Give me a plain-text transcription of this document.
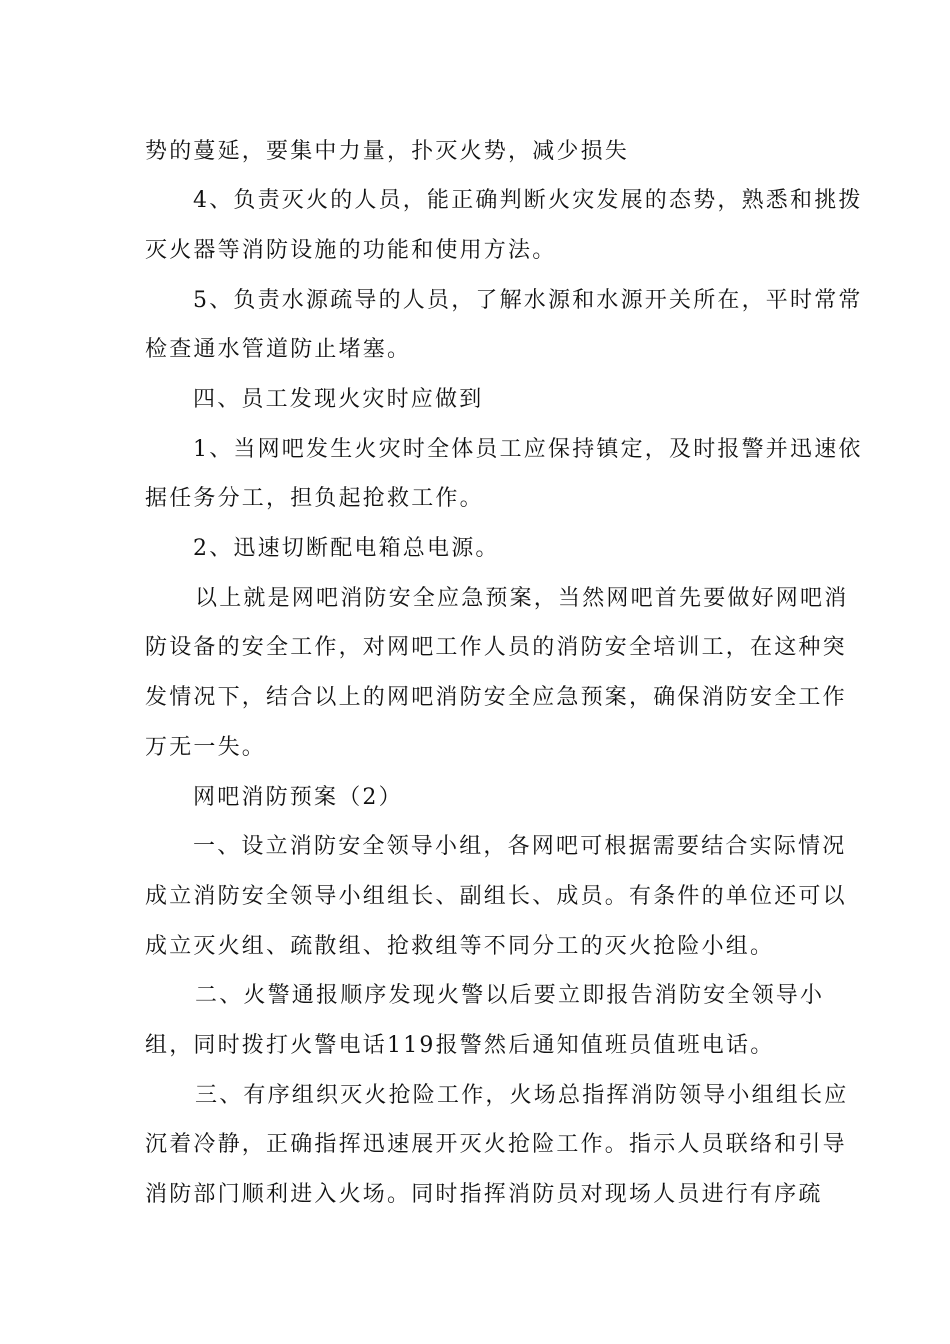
势的蔓延，要集中力量，扑灭火势，减少损失
4、负责灭火的人员，能正确判断火灾发展的态势，熟悉和挑拨
灭火器等消防设施的功能和使用方法。
5、负责水源疏导的人员，了解水源和水源开关所在，平时常常
检查通水管道防止堵塞。
四、员工发现火灾时应做到
1、当网吧发生火灾时全体员工应保持镇定，及时报警并迅速依
据任务分工，担负起抢救工作。
2、迅速切断配电箱总电源。
以上就是网吧消防安全应急预案，当然网吧首先要做好网吧消
防设备的安全工作，对网吧工作人员的消防安全培训工，在这种突
发情况下，结合以上的网吧消防安全应急预案，确保消防安全工作
万无一失。
网吧消防预案（2）
一、设立消防安全领导小组，各网吧可根据需要结合实际情况
成立消防安全领导小组组长、副组长、成员。有条件的单位还可以
成立灭火组、疏散组、抢救组等不同分工的灭火抢险小组。
二、火警通报顺序发现火警以后要立即报告消防安全领导小
组，同时拨打火警电话119报警然后通知值班员值班电话。
三、有序组织灭火抢险工作，火场总指挥消防领导小组组长应
沉着冷静，正确指挥迅速展开灭火抢险工作。指示人员联络和引导
消防部门顺利进入火场。同时指挥消防员对现场人员进行有序疏
